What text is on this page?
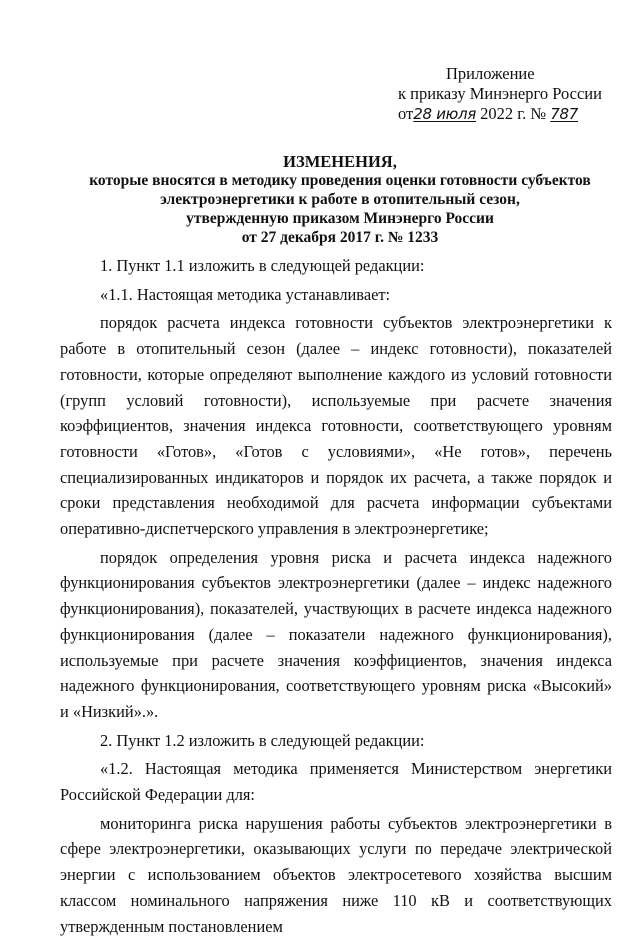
Приложение
к приказу Минэнерго России
от28 июля 2022 г. № 787
ИЗМЕНЕНИЯ,
которые вносятся в методику проведения оценки готовности субъектов
электроэнергетики к работе в отопительный сезон,
утвержденную приказом Минэнерго России
от 27 декабря 2017 г. № 1233

1. Пункт 1.1 изложить в следующей редакции:

«1.1. Настоящая методика устанавливает:

порядок расчета индекса готовности субъектов электроэнергетики к работе в отопительный сезон (далее – индекс готовности), показателей готовности, которые определяют выполнение каждого из условий готовности (групп условий готовности), используемые при расчете значения коэффициентов, значения индекса готовности, соответствующего уровням готовности «Готов», «Готов с условиями», «Не готов», перечень специализированных индикаторов и порядок их расчета, а также порядок и сроки представления необходимой для расчета информации субъектами оперативно-диспетчерского управления в электроэнергетике;

порядок определения уровня риска и расчета индекса надежного функционирования субъектов электроэнергетики (далее – индекс надежного функционирования), показателей, участвующих в расчете индекса надежного функционирования (далее – показатели надежного функционирования), используемые при расчете значения коэффициентов, значения индекса надежного функционирования, соответствующего уровням риска «Высокий» и «Низкий».».

2. Пункт 1.2 изложить в следующей редакции:

«1.2. Настоящая методика применяется Министерством энергетики Российской Федерации для:

мониторинга риска нарушения работы субъектов электроэнергетики в сфере электроэнергетики, оказывающих услуги по передаче электрической энергии с использованием объектов электросетевого хозяйства высшим классом номинального напряжения ниже 110 кВ и соответствующих утвержденным постановлением
